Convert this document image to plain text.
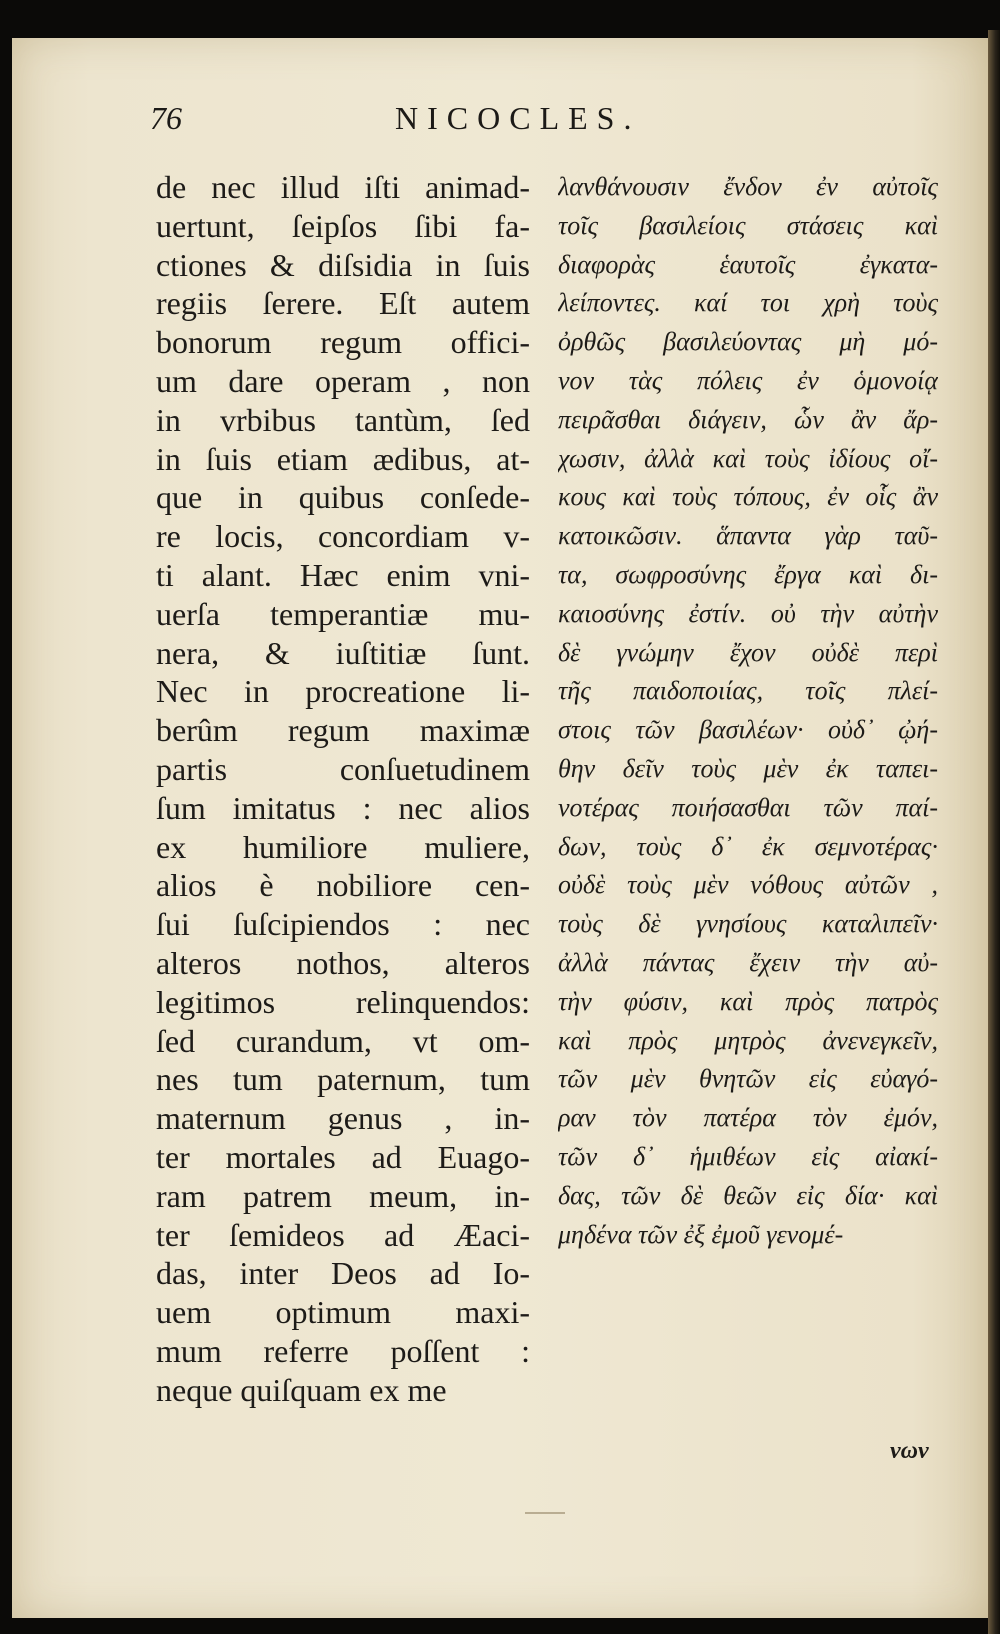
76	NICOCLES.
de nec illud iſti animad-
uertunt, ſeipſos ſibi fa-
ctiones & diſsidia in ſuis
regiis ſerere. Eſt autem
bonorum regum offici-
um dare operam , non
in vrbibus tantùm, ſed
in ſuis etiam ædibus, at-
que in quibus conſede-
re locis, concordiam v-
ti alant. Hæc enim vni-
uerſa temperantiæ mu-
nera, & iuſtitiæ ſunt.
Nec in procreatione li-
berûm regum maximæ
partis conſuetudinem
ſum imitatus : nec alios
ex humiliore muliere,
alios è nobiliore cen-
ſui ſuſcipiendos : nec
alteros nothos, alteros
legitimos relinquendos:
ſed curandum, vt om-
nes tum paternum, tum
maternum genus , in-
ter mortales ad Euago-
ram patrem meum, in-
ter ſemideos ad Æaci-
das, inter Deos ad Io-
uem optimum maxi-
mum referre poſſent :
neque quiſquam ex me
λανθάνουσιν ἔνδον ἐν αὐτοῖς
τοῖς βασιλείοις στάσεις καὶ
διαφορὰς ἑαυτοῖς ἐγκατα-
λείποντες. καί τοι χρὴ τοὺς
ὀρθῶς βασιλεύοντας μὴ μό-
νον τὰς πόλεις ἐν ὁμονοίᾳ
πειρᾶσθαι διάγειν, ὧν ἂν ἄρ-
χωσιν, ἀλλὰ καὶ τοὺς ἰδίους οἴ-
κους καὶ τοὺς τόπους, ἐν οἷς ἂν
κατοικῶσιν. ἅπαντα γὰρ ταῦ-
τα, σωφροσύνης ἔργα καὶ δι-
καιοσύνης ἐστίν. οὐ τὴν αὐτὴν
δὲ γνώμην ἔχον οὐδὲ περὶ
τῆς παιδοποιίας, τοῖς πλεί-
στοις τῶν βασιλέων· οὐδ᾽ ᾠή-
θην δεῖν τοὺς μὲν ἐκ ταπει-
νοτέρας ποιήσασθαι τῶν παί-
δων, τοὺς δ᾽ ἐκ σεμνοτέρας·
οὐδὲ τοὺς μὲν νόθους αὐτῶν ,
τοὺς δὲ γνησίους καταλιπεῖν·
ἀλλὰ πάντας ἔχειν τὴν αὐ-
τὴν φύσιν, καὶ πρὸς πατρὸς
καὶ πρὸς μητρὸς ἀνενεγκεῖν,
τῶν μὲν θνητῶν εἰς εὐαγό-
ραν τὸν πατέρα τὸν ἐμόν,
τῶν δ᾽ ἡμιθέων εἰς αἰακί-
δας, τῶν δὲ θεῶν εἰς δία· καὶ
μηδένα τῶν ἐξ ἐμοῦ γενομέ-
νων
